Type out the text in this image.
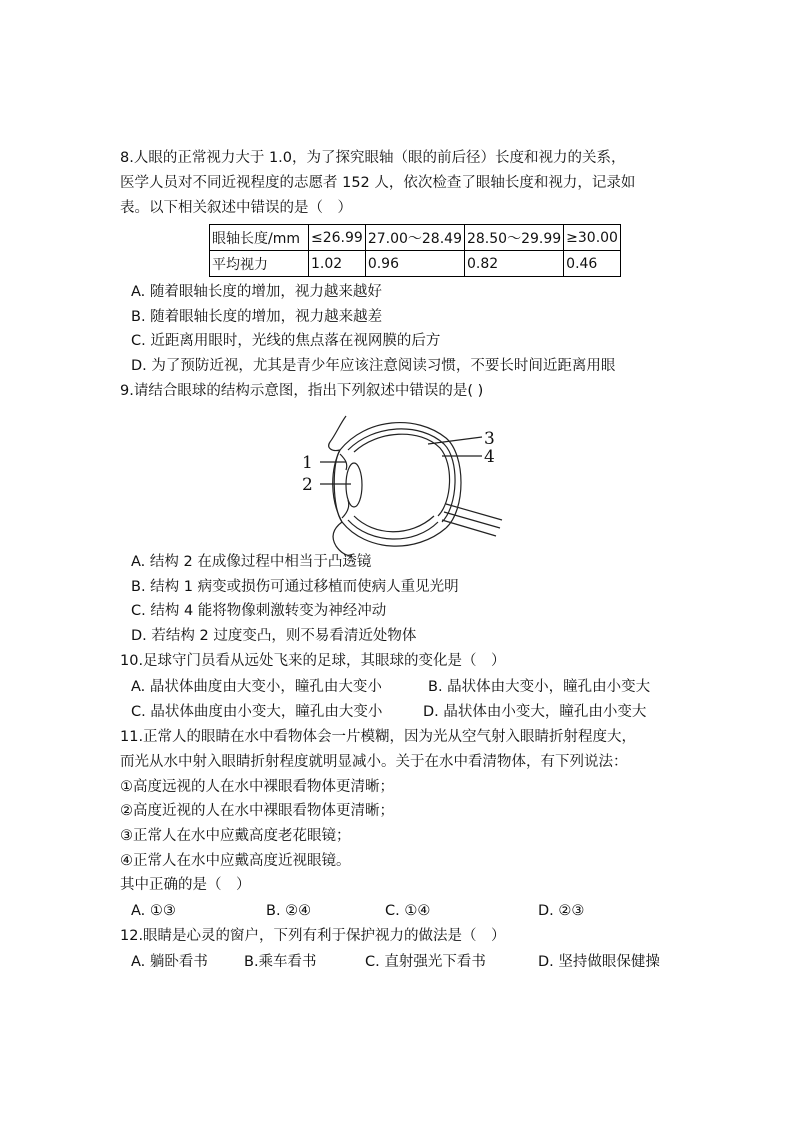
8.人眼的正常视力大于 1.0，为了探究眼轴（眼的前后径）长度和视力的关系，
医学人员对不同近视程度的志愿者 152 人，依次检查了眼轴长度和视力，记录如
表。以下相关叙述中错误的是（　）
眼轴长度/mm	≤26.99	27.00～28.49	28.50～29.99	≥30.00
平均视力	1.02	0.96	0.82	0.46
A. 随着眼轴长度的增加，视力越来越好
B. 随着眼轴长度的增加，视力越来越差
C. 近距离用眼时，光线的焦点落在视网膜的后方
D. 为了预防近视，尤其是青少年应该注意阅读习惯，不要长时间近距离用眼
9.请结合眼球的结构示意图，指出下列叙述中错误的是( )
1
2
3
4
A. 结构 2 在成像过程中相当于凸透镜
B. 结构 1 病变或损伤可通过移植而使病人重见光明
C. 结构 4 能将物像刺激转变为神经冲动
D. 若结构 2 过度变凸，则不易看清近处物体
10.足球守门员看从远处飞来的足球，其眼球的变化是（　）
A. 晶状体曲度由大变小，瞳孔由大变小	B. 晶状体由大变小，瞳孔由小变大
C. 晶状体曲度由小变大，瞳孔由大变小	D. 晶状体由小变大，瞳孔由小变大
11.正常人的眼睛在水中看物体会一片模糊，因为光从空气射入眼睛折射程度大，
而光从水中射入眼睛折射程度就明显减小。关于在水中看清物体，有下列说法：
①高度远视的人在水中裸眼看物体更清晰；
②高度近视的人在水中裸眼看物体更清晰；
③正常人在水中应戴高度老花眼镜；
④正常人在水中应戴高度近视眼镜。
其中正确的是（　）
A. ①③	B. ②④	C. ①④	D. ②③
12.眼睛是心灵的窗户，下列有利于保护视力的做法是（　）
A. 躺卧看书 B.乘车看书	C. 直射强光下看书	D. 坚持做眼保健操
